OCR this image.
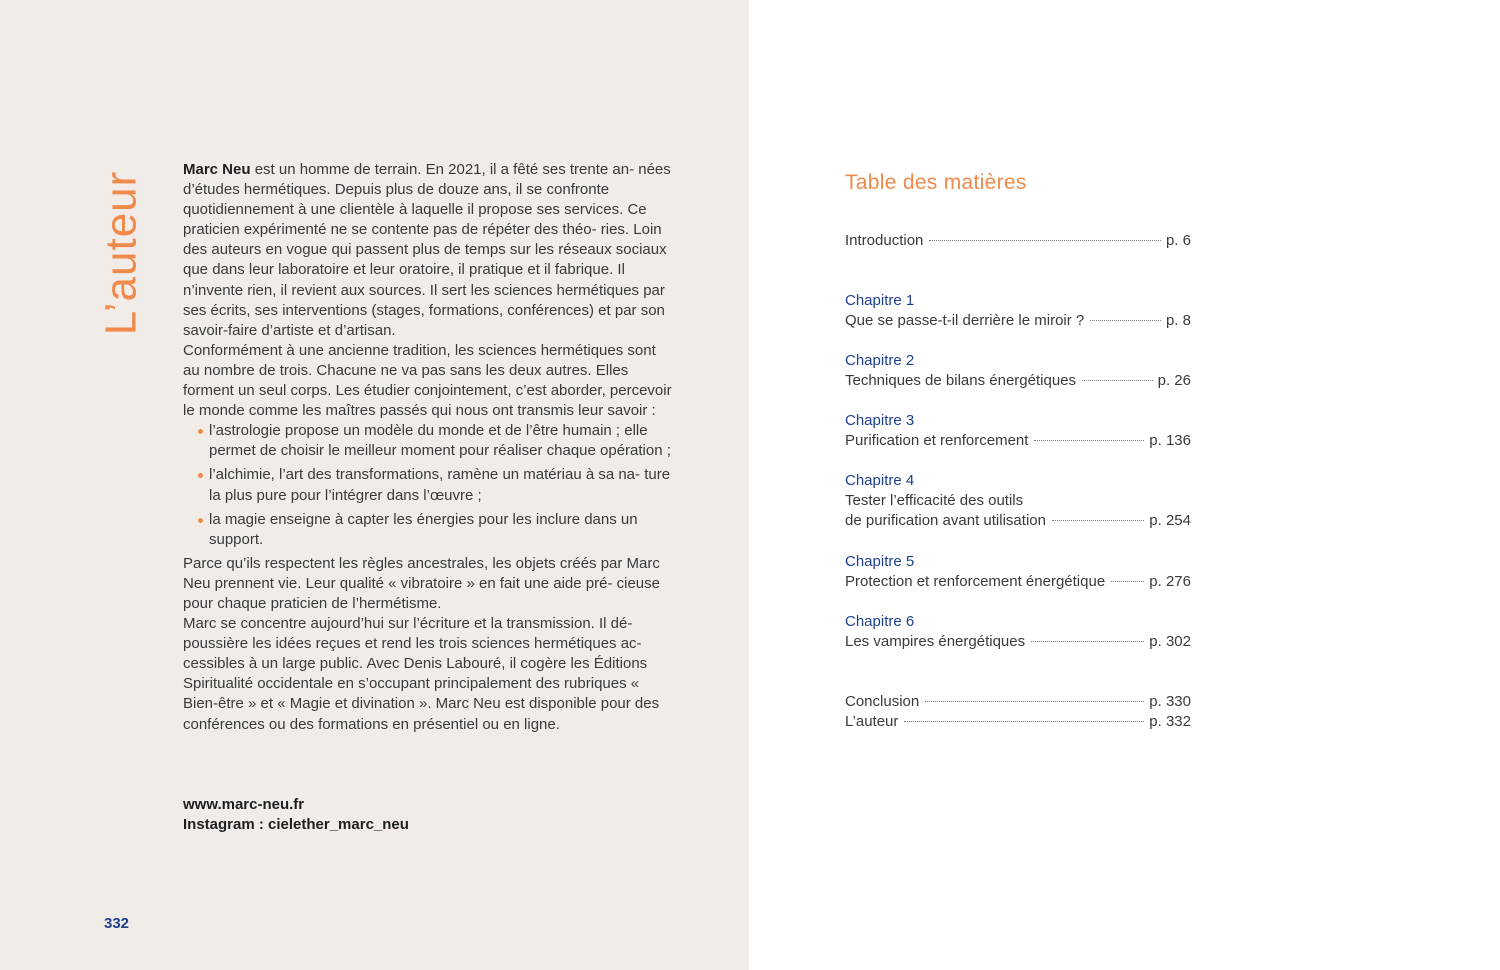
L’auteur

Marc Neu est un homme de terrain. En 2021, il a fêté ses trente an- nées d’études hermétiques. Depuis plus de douze ans, il se confronte quotidiennement à une clientèle à laquelle il propose ses services. Ce praticien expérimenté ne se contente pas de répéter des théo- ries. Loin des auteurs en vogue qui passent plus de temps sur les réseaux sociaux que dans leur laboratoire et leur oratoire, il pratique et il fabrique. Il n’invente rien, il revient aux sources. Il sert les sciences hermétiques par ses écrits, ses interventions (stages, formations, conférences) et par son savoir-faire d’artiste et d’artisan.

Conformément à une ancienne tradition, les sciences hermétiques sont au nombre de trois. Chacune ne va pas sans les deux autres. Elles forment un seul corps. Les étudier conjointement, c’est aborder, percevoir le monde comme les maîtres passés qui nous ont transmis leur savoir :

l’astrologie propose un modèle du monde et de l’être humain ; elle permet de choisir le meilleur moment pour réaliser chaque opération ;
l’alchimie, l’art des transformations, ramène un matériau à sa na- ture la plus pure pour l’intégrer dans l’œuvre ;
la magie enseigne à capter les énergies pour les inclure dans un support.

Parce qu’ils respectent les règles ancestrales, les objets créés par Marc Neu prennent vie. Leur qualité « vibratoire » en fait une aide pré- cieuse pour chaque praticien de l’hermétisme.

Marc se concentre aujourd’hui sur l’écriture et la transmission. Il dé- poussière les idées reçues et rend les trois sciences hermétiques ac- cessibles à un large public. Avec Denis Labouré, il cogère les Éditions Spiritualité occidentale en s’occupant principalement des rubriques « Bien-être » et « Magie et divination ». Marc Neu est disponible pour des conférences ou des formations en présentiel ou en ligne.

www.marc-neu.fr
Instagram : cielether_marc_neu
332
Table des matières
Introduction	p. 6
Chapitre 1
Que se passe-t-il derrière le miroir ?	p. 8
Chapitre 2
Techniques de bilans énergétiques	p. 26
Chapitre 3
Purification et renforcement	p. 136
Chapitre 4
Tester l’efficacité des outils
de purification avant utilisation	p. 254
Chapitre 5
Protection et renforcement énergétique	p. 276
Chapitre 6
Les vampires énergétiques	p. 302
Conclusion	p. 330
L’auteur	p. 332
